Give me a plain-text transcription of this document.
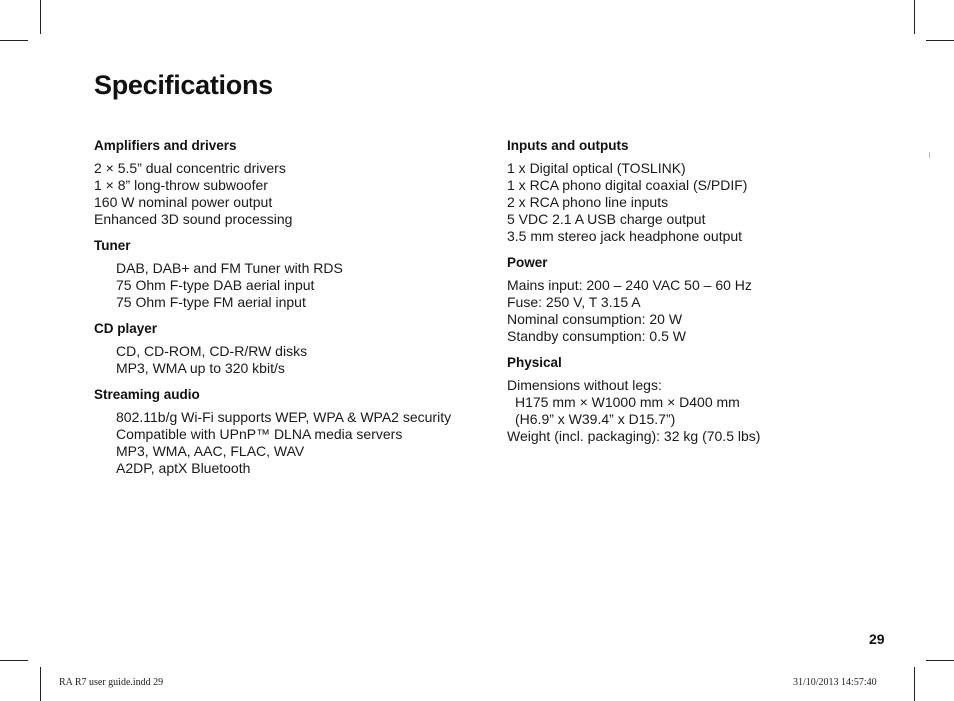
Specifications
Amplifiers and drivers
2 × 5.5” dual concentric drivers
1 × 8” long-throw subwoofer
160 W nominal power output
Enhanced 3D sound processing
Tuner
DAB, DAB+ and FM Tuner with RDS
75 Ohm F-type DAB aerial input
75 Ohm F-type FM aerial input
CD player
CD, CD-ROM, CD-R/RW disks
MP3, WMA up to 320 kbit/s
Streaming audio
802.11b/g Wi-Fi supports WEP, WPA & WPA2 security
Compatible with UPnP™ DLNA media servers
MP3, WMA, AAC, FLAC, WAV
A2DP, aptX Bluetooth
Inputs and outputs
1 x Digital optical (TOSLINK)
1 x RCA phono digital coaxial (S/PDIF)
2 x RCA phono line inputs
5 VDC 2.1 A USB charge output
3.5 mm stereo jack headphone output
Power
Mains input: 200 – 240 VAC 50 – 60 Hz
Fuse: 250 V, T 3.15 A
Nominal consumption: 20 W
Standby consumption: 0.5 W
Physical
Dimensions without legs:
H175 mm × W1000 mm × D400 mm
(H6.9” x W39.4” x D15.7”)
Weight (incl. packaging): 32 kg (70.5 lbs)
29
RA R7 user guide.indd 29	31/10/2013 14:57:40
